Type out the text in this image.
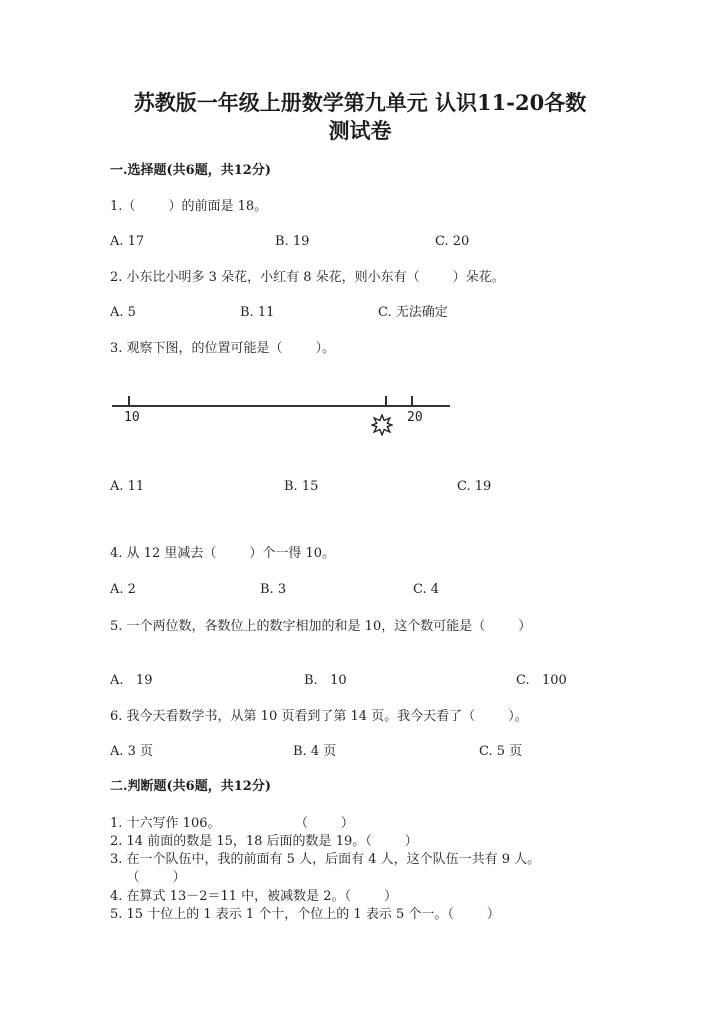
苏教版一年级上册数学第九单元 认识11-20各数
测试卷
一.选择题(共6题，共12分)
1.（        ）的前面是 18。
A. 17	B. 19	C. 20
2. 小东比小明多 3 朵花，小红有 8 朵花，则小东有（        ）朵花。
A. 5	B. 11	C. 无法确定
3. 观察下图，的位置可能是（        ）。
10	20
A. 11	B. 15	C. 19
4. 从 12 里减去（        ）个一得 10。
A. 2	B. 3	C. 4
5. 一个两位数，各数位上的数字相加的和是 10，这个数可能是（        ）
A.   19	B.   10	C.   100
6. 我今天看数学书，从第 10 页看到了第 14 页。我今天看了（        ）。
A. 3 页	B. 4 页	C. 5 页
二.判断题(共6题，共12分)
1. 十六写作 106。                  （        ）
2. 14 前面的数是 15，18 后面的数是 19。（        ）
3. 在一个队伍中，我的前面有 5 人，后面有 4 人，这个队伍一共有 9 人。
（        ）
4. 在算式 13－2＝11 中，被减数是 2。（        ）
5. 15 十位上的 1 表示 1 个十，个位上的 1 表示 5 个一。（        ）
